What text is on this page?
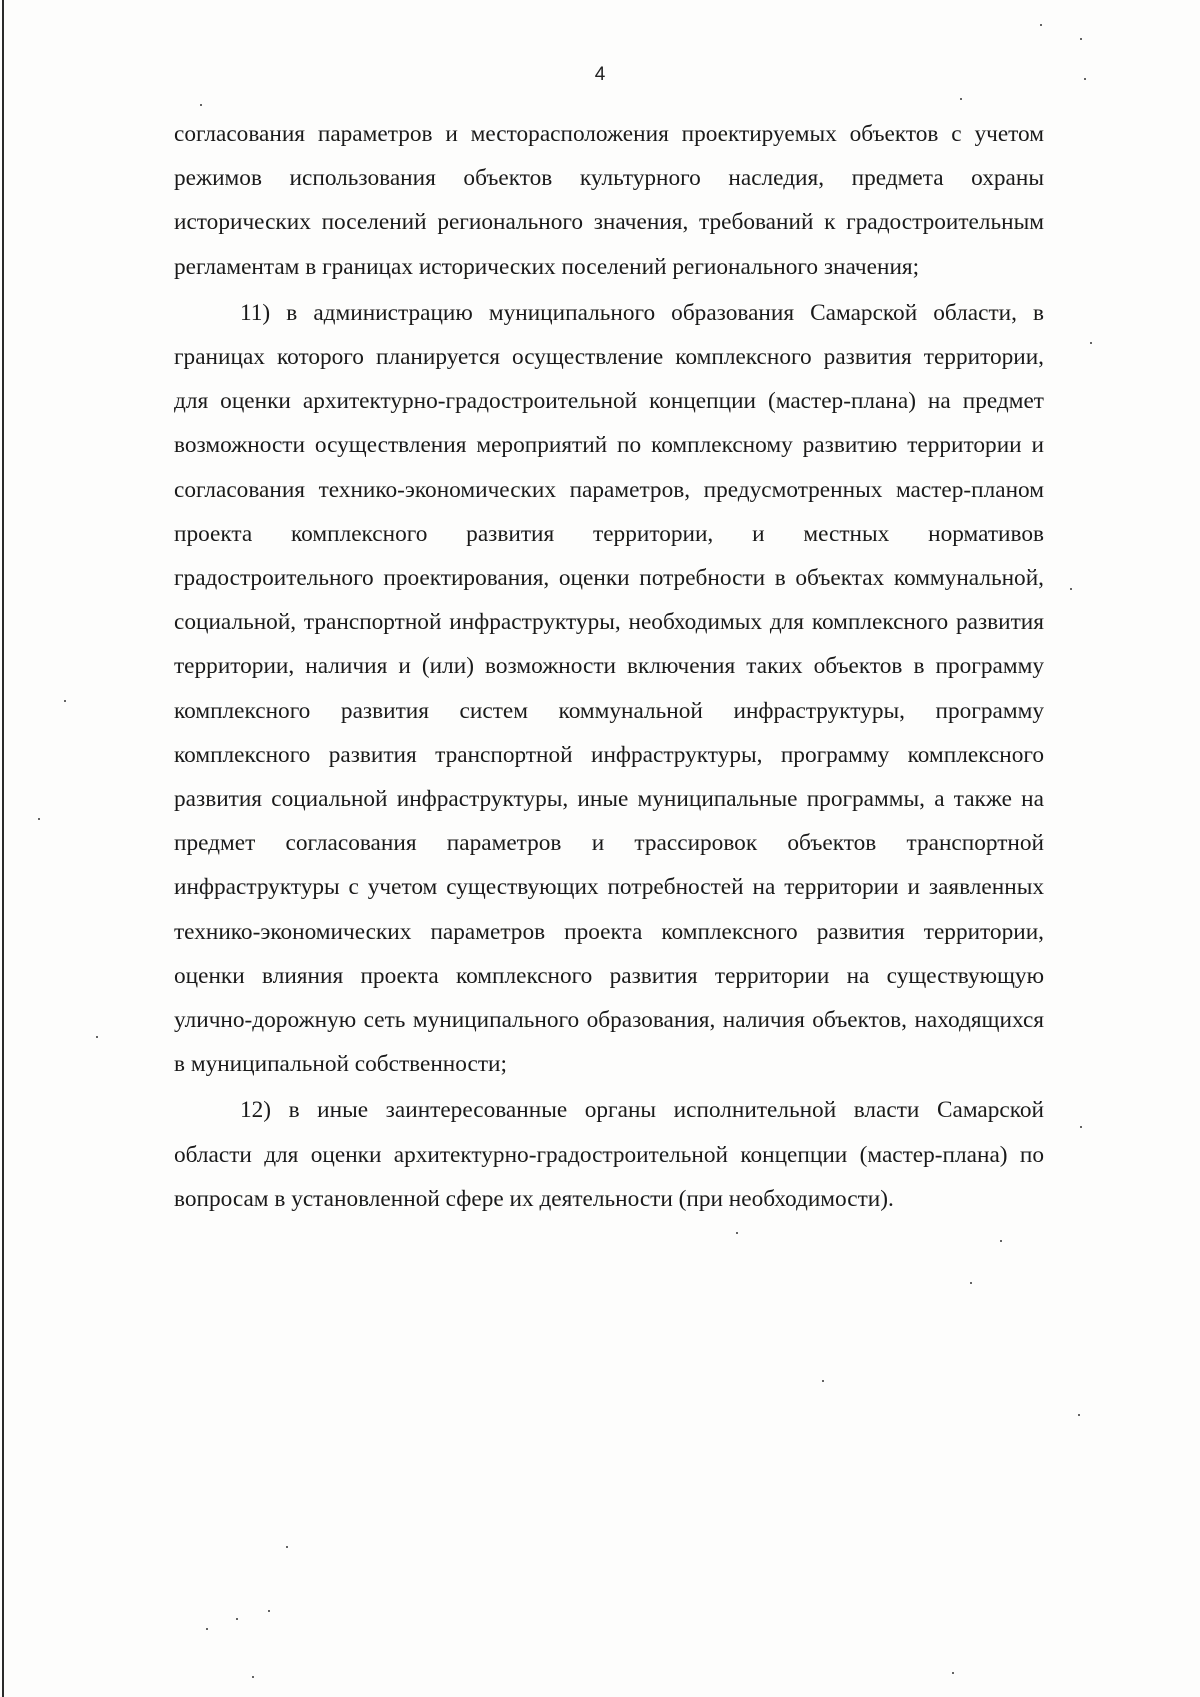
4

согласования параметров и месторасположения проектируемых объектов с учетом режимов использования объектов культурного наследия, предмета охраны исторических поселений регионального значения, требований к градостроительным регламентам в границах исторических поселений регионального значения;

11) в администрацию муниципального образования Самарской области, в границах которого планируется осуществление комплексного развития территории, для оценки архитектурно-градостроительной концепции (мастер-плана) на предмет возможности осуществления мероприятий по комплексному развитию территории и согласования технико-экономических параметров, предусмотренных мастер-планом проекта комплексного развития территории, и местных нормативов градостроительного проектирования, оценки потребности в объектах коммунальной, социальной, транспортной инфраструктуры, необходимых для комплексного развития территории, наличия и (или) возможности включения таких объектов в программу комплексного развития систем коммунальной инфраструктуры, программу комплексного развития транспортной инфраструктуры, программу комплексного развития социальной инфраструктуры, иные муниципальные программы, а также на предмет согласования параметров и трассировок объектов транспортной инфраструктуры с учетом существующих потребностей на территории и заявленных технико-экономических параметров проекта комплексного развития территории, оценки влияния проекта комплексного развития территории на существующую улично-дорожную сеть муниципального образования, наличия объектов, находящихся в муниципальной собственности;

12) в иные заинтересованные органы исполнительной власти Самарской области для оценки архитектурно-градостроительной концепции (мастер-плана) по вопросам в установленной сфере их деятельности (при необходимости).
